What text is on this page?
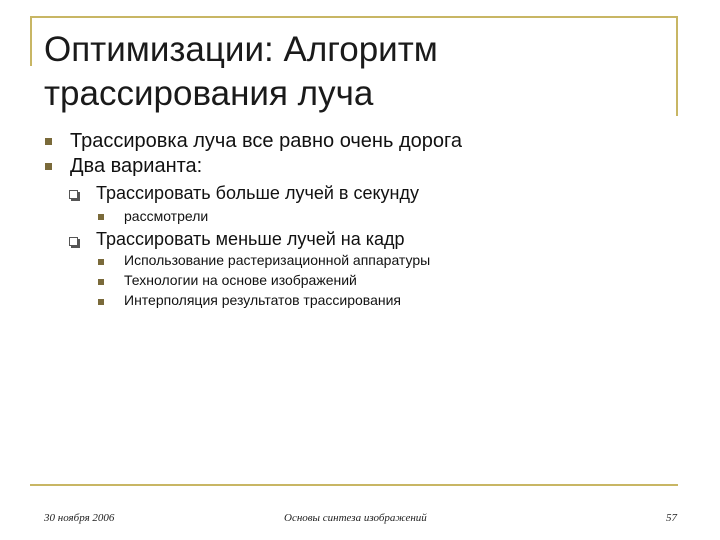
Оптимизации: Алгоритм
трассирования луча
Трассировка луча все равно очень дорога
Два варианта:
Трассировать больше лучей в секунду
рассмотрели
Трассировать меньше лучей на кадр
Использование растеризационной аппаратуры
Технологии на основе изображений
Интерполяция результатов трассирования
30 ноября 2006	Основы синтеза изображений	57
